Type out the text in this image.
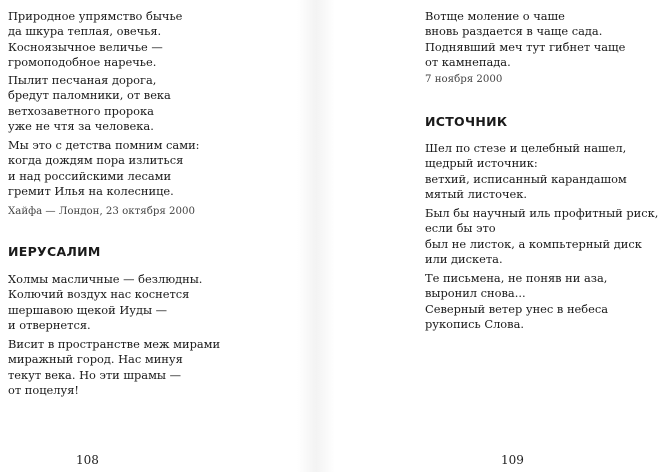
Природное упрямство бычье
да шкура теплая, овечья.
Косноязычное величье —
громоподобное наречье.
Пылит песчаная дорога,
бредут паломники, от века
ветхозаветного пророка
уже не чтя за человека.
Мы это с детства помним сами:
когда дождям пора излиться
и над российскими лесами
гремит Илья на колеснице.
Хайфа — Лондон, 23 октября 2000
ИЕРУСАЛИМ
Холмы масличные — безлюдны.
Колючий воздух нас коснется
шершавою щекой Иуды —
и отвернется.
Висит в пространстве меж мирами
миражный город. Нас минуя
текут века. Но эти шрамы —
от поцелуя!
108
Вотще моление о чаше
вновь раздается в чаще сада.
Поднявший меч тут гибнет чаще
от камнепада.
7 ноября 2000
ИСТОЧНИК
Шел по стезе и целебный нашел,
щедрый источник:
ветхий, исписанный карандашом
мятый листочек.
Был бы научный иль профитный риск,
если бы это
был не листок, а компьтерный диск
или дискета.
Те письмена, не поняв ни аза,
выронил снова...
Северный ветер унес в небеса
рукопись Слова.
109
